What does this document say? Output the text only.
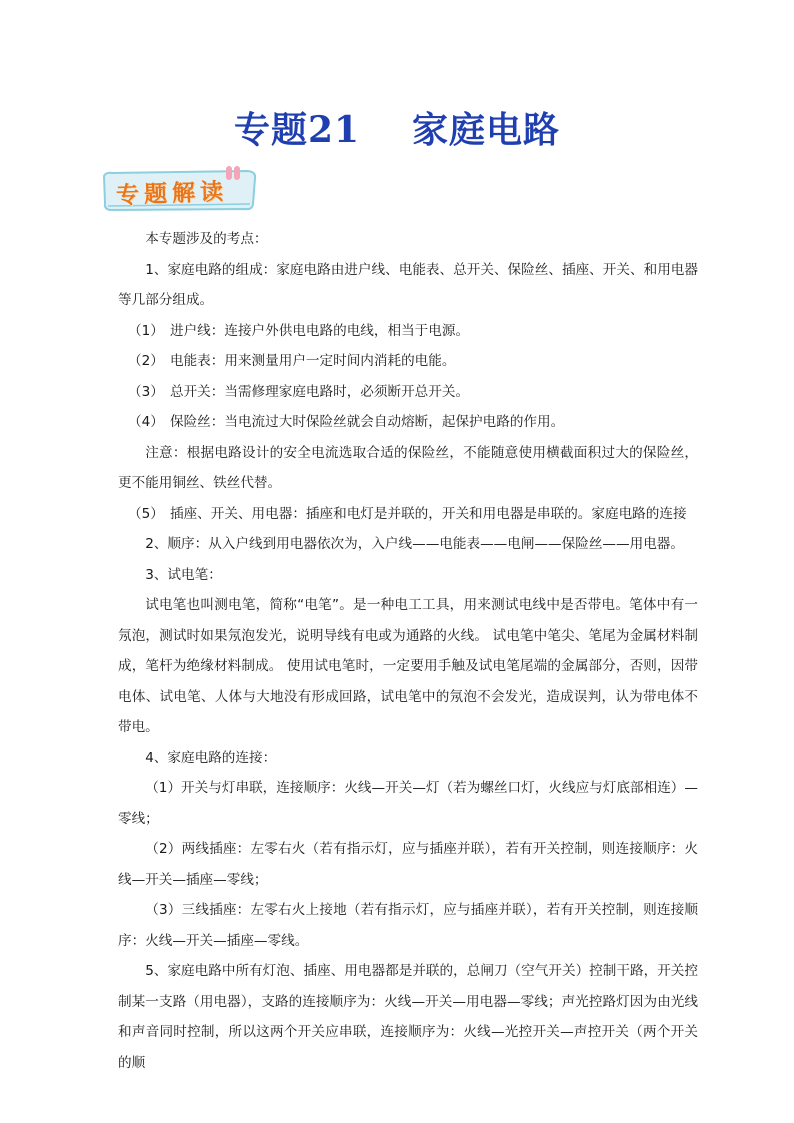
专题21 家庭电路
专题解读

本专题涉及的考点：

1、家庭电路的组成：家庭电路由进户线、电能表、总开关、保险丝、插座、开关、和用电器等几部分组成。

（1） 进户线：连接户外供电电路的电线，相当于电源。

（2） 电能表：用来测量用户一定时间内消耗的电能。

（3） 总开关：当需修理家庭电路时，必须断开总开关。

（4） 保险丝：当电流过大时保险丝就会自动熔断，起保护电路的作用。

注意：根据电路设计的安全电流选取合适的保险丝，不能随意使用横截面积过大的保险丝，更不能用铜丝、铁丝代替。

（5） 插座、开关、用电器：插座和电灯是并联的，开关和用电器是串联的。家庭电路的连接

2、顺序：从入户线到用电器依次为，入户线——电能表——电闸——保险丝——用电器。

3、试电笔：

试电笔也叫测电笔，简称“电笔”。是一种电工工具，用来测试电线中是否带电。笔体中有一氖泡，测试时如果氖泡发光，说明导线有电或为通路的火线。 试电笔中笔尖、笔尾为金属材料制成，笔杆为绝缘材料制成。 使用试电笔时，一定要用手触及试电笔尾端的金属部分，否则，因带电体、试电笔、人体与大地没有形成回路，试电笔中的氖泡不会发光，造成误判，认为带电体不带电。

4、家庭电路的连接：

（1）开关与灯串联，连接顺序：火线—开关—灯（若为螺丝口灯，火线应与灯底部相连）—零线；

（2）两线插座：左零右火（若有指示灯，应与插座并联），若有开关控制，则连接顺序：火线—开关—插座—零线；

（3）三线插座：左零右火上接地（若有指示灯，应与插座并联），若有开关控制，则连接顺序：火线—开关—插座—零线。

5、家庭电路中所有灯泡、插座、用电器都是并联的，总闸刀（空气开关）控制干路，开关控制某一支路（用电器），支路的连接顺序为：火线—开关—用电器—零线；声光控路灯因为由光线和声音同时控制，所以这两个开关应串联，连接顺序为：火线—光控开关—声控开关（两个开关的顺
